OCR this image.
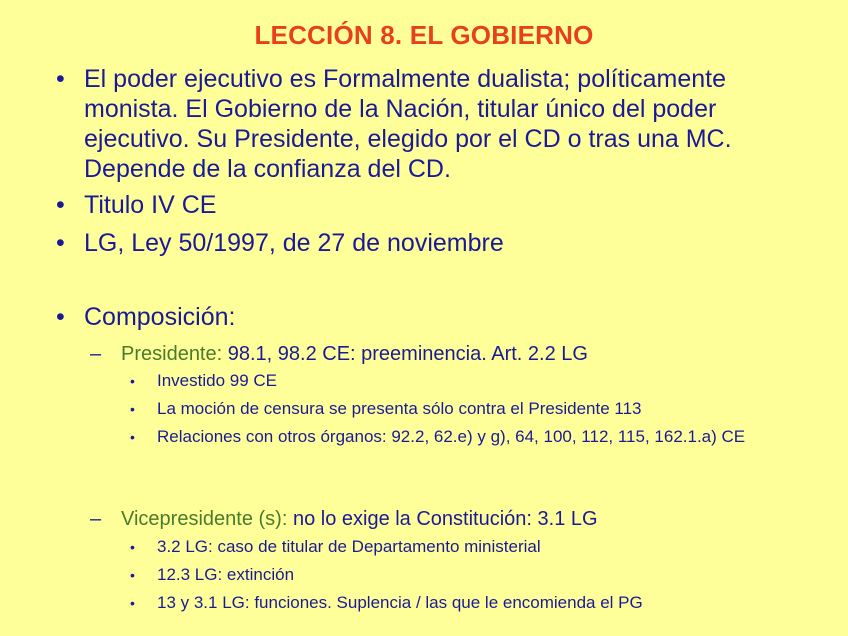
LECCIÓN 8. EL GOBIERNO
• El poder ejecutivo es Formalmente dualista; políticamente monista. El Gobierno de la Nación, titular único del poder ejecutivo. Su Presidente, elegido por el CD o tras una MC. Depende de la confianza del CD.
• Titulo IV CE
• LG, Ley 50/1997, de 27 de noviembre
• Composición:
– Presidente: 98.1, 98.2 CE: preeminencia. Art. 2.2 LG
• Investido 99 CE
• La moción de censura se presenta sólo contra el Presidente 113
• Relaciones con otros órganos: 92.2, 62.e) y g), 64, 100, 112, 115, 162.1.a) CE
– Vicepresidente (s): no lo exige la Constitución: 3.1 LG
• 3.2 LG: caso de titular de Departamento ministerial
• 12.3 LG: extinción
• 13 y 3.1 LG: funciones. Suplencia / las que le encomienda el PG
